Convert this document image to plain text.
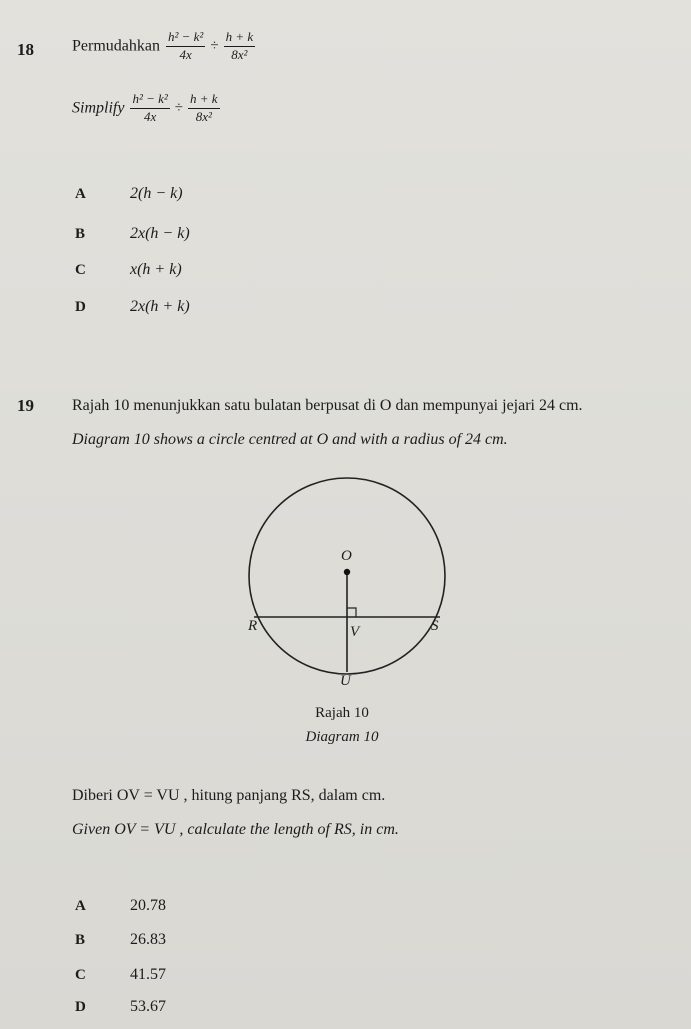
18 Permudahkan $\frac{\text{h² − k²}}{4x} \div \frac{h + k}{\text{8x²}}$
Simplify $\frac{\text{h² − k²}}{4x} \div \frac{h + k}{\text{8x²}}$
A	2(h − k)
B	2x(h − k)
C	x(h + k)
D	2x(h + k)
19 Rajah 10 menunjukkan satu bulatan berpusat di O dan mempunyai jejari 24 cm.
Diagram 10 shows a circle centred at O and with a radius of 24 cm.
O
R	V	S
U
Rajah 10
Diagram 10
Diberi OV = VU , hitung panjang RS, dalam cm.
Given OV = VU , calculate the length of RS, in cm.
A	20.78
B	26.83
C	41.57
D	53.67
